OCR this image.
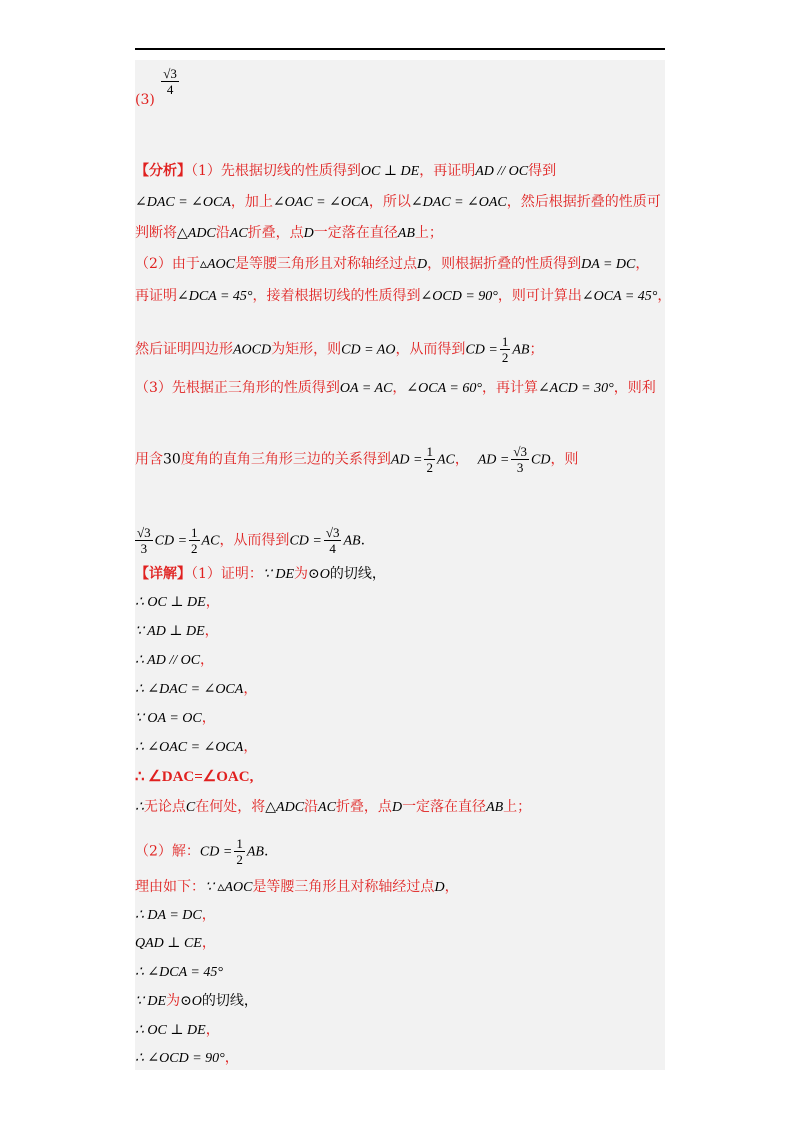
(3)
$\frac{√3}{4}$
【分析】（1）先根据切线的性质得到OC ⊥ DE，再证明AD // OC得到
∠DAC = ∠OCA，加上∠OAC = ∠OCA，所以∠DAC = ∠OAC，然后根据折叠的性质可
判断将△ADC沿AC折叠，点D一定落在直径AB上；
（2）由于▵AOC是等腰三角形且对称轴经过点D，则根据折叠的性质得到DA = DC，
再证明∠DCA = 45°，接着根据切线的性质得到∠OCD = 90°，则可计算出∠OCA = 45°，
然后证明四边形AOCD为矩形，则CD = AO，从而得到CD = $\frac{1}{2}$ AB；
（3）先根据正三角形的性质得到OA = AC，∠OCA = 60°，再计算∠ACD = 30°，则利
用含30度角的直角三角形三边的关系得到AD = $\frac{1}{2}$ AC， AD = $\frac{√3}{3}$ CD，则
$\frac{√3}{3}$ CD = $\frac{1}{2}$ AC，从而得到CD = $\frac{√3}{4}$ AB.
【详解】（1）证明：∵ DE为⊙O的切线，
∴ OC ⊥ DE，
∵ AD ⊥ DE，
∴ AD // OC，
∴ ∠DAC = ∠OCA，
∵ OA = OC，
∴ ∠OAC = ∠OCA，
∴ ∠DAC=∠OAC,
∴无论点C在何处，将△ADC沿AC折叠，点D一定落在直径AB上；
（2）解：CD = $\frac{1}{2}$ AB.
理由如下：∵ ▵AOC是等腰三角形且对称轴经过点D，
∴ DA = DC，
QAD ⊥ CE，
∴ ∠DCA = 45°
∵ DE为⊙O的切线，
∴ OC ⊥ DE，
∴ ∠OCD = 90°，
